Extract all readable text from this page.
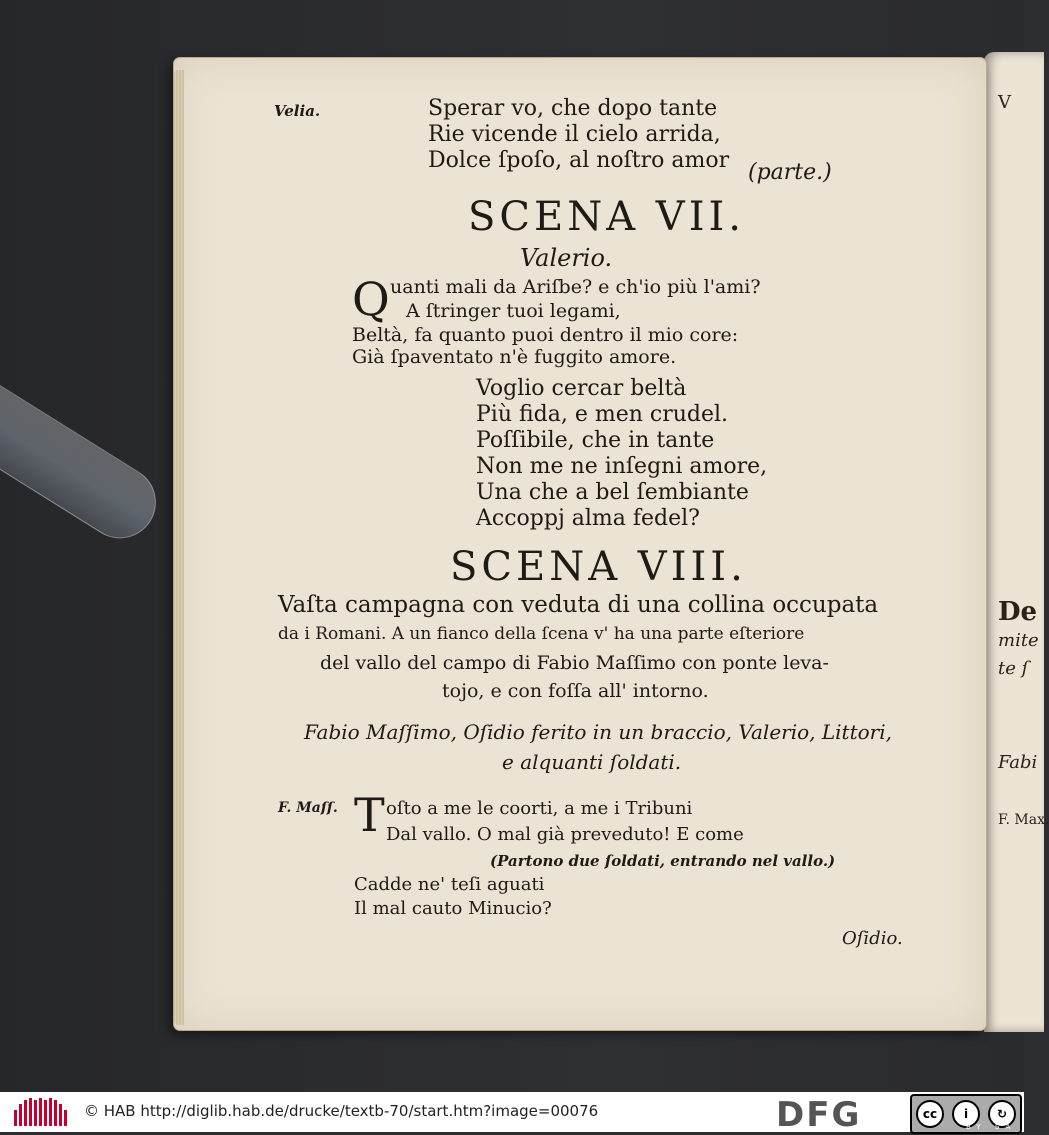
V
De
mite
te ſ
Fabi
F. Max.
Velia.	Sperar vo, che dopo tante
Rie vicende il cielo arrida,
Dolce ſpoſo, al noſtro amor (parte.)
SCENA VII.
Valerio.
Q uanti mali da Ariſbe? e ch'io più l'ami?
A ſtringer tuoi legami,
Beltà, fa quanto puoi dentro il mio core:
Già ſpaventato n'è fuggito amore.
Voglio cercar beltà
Più fida, e men crudel.
Poſſibile, che in tante
Non me ne inſegni amore,
Una che a bel ſembiante
Accoppj alma fedel?
SCENA VIII.
Vaſta campagna con veduta di una collina occupata
da i Romani. A un fianco della ſcena v' ha una parte eſteriore
del vallo del campo di Fabio Maſſimo con ponte leva-
tojo, e con foſſa all' intorno.
Fabio Maſſimo, Oſidio ferito in un braccio, Valerio, Littori,
e alquanti ſoldati.
F. Maſſ. T oſto a me le coorti, a me i Tribuni
Dal vallo. O mal già preveduto! E come
(Partono due ſoldati, entrando nel vallo.)
Cadde ne' teſi aguati
Il mal cauto Minucio?
Oſidio.
© HAB http://diglib.hab.de/drucke/textb-70/start.htm?image=00076	DFG	cc	i	↻
BY SA
